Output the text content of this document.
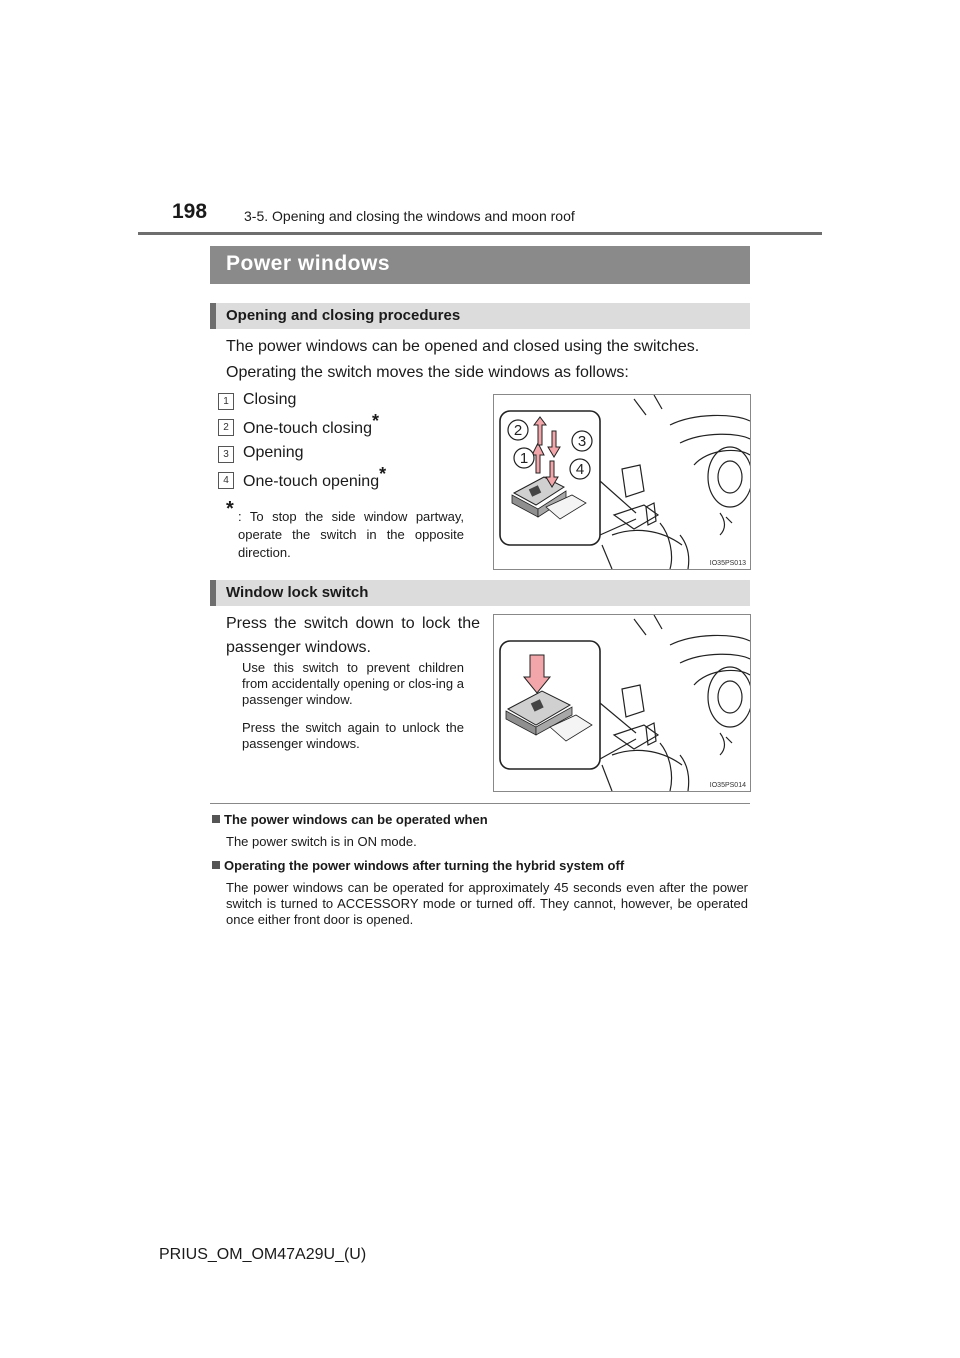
198	3-5. Opening and closing the windows and moon roof
Power windows
Opening and closing procedures
The power windows can be opened and closed using the switches.
Operating the switch moves the side windows as follows:
1 Closing
2 One-touch closing*
3 Opening
4 One-touch opening*
* : To stop the side window partway, operate the switch in the opposite direction.
2
3
1
4
IO35PS013
Window lock switch
Press the switch down to lock the passenger windows.
Use this switch to prevent children from accidentally opening or clos-ing a passenger window.
Press the switch again to unlock the passenger windows.
IO35PS014
The power windows can be operated when
The power switch is in ON mode.
Operating the power windows after turning the hybrid system off
The power windows can be operated for approximately 45 seconds even after the power switch is turned to ACCESSORY mode or turned off. They cannot, however, be operated once either front door is opened.
PRIUS_OM_OM47A29U_(U)
